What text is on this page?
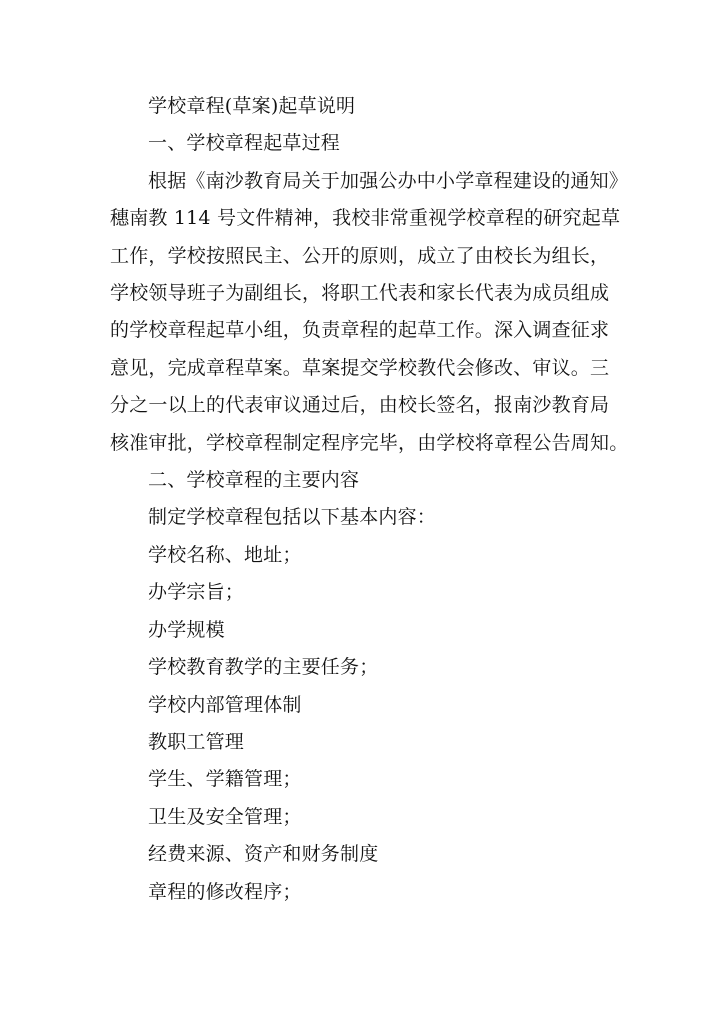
学校章程(草案)起草说明
一、学校章程起草过程
根据《南沙教育局关于加强公办中小学章程建设的通知》
穗南教 114 号文件精神，我校非常重视学校章程的研究起草
工作，学校按照民主、公开的原则，成立了由校长为组长，
学校领导班子为副组长，将职工代表和家长代表为成员组成
的学校章程起草小组，负责章程的起草工作。深入调查征求
意见，完成章程草案。草案提交学校教代会修改、审议。三
分之一以上的代表审议通过后，由校长签名，报南沙教育局
核准审批，学校章程制定程序完毕，由学校将章程公告周知。
二、学校章程的主要内容
制定学校章程包括以下基本内容：
学校名称、地址；
办学宗旨；
办学规模
学校教育教学的主要任务；
学校内部管理体制
教职工管理
学生、学籍管理；
卫生及安全管理；
经费来源、资产和财务制度
章程的修改程序；
